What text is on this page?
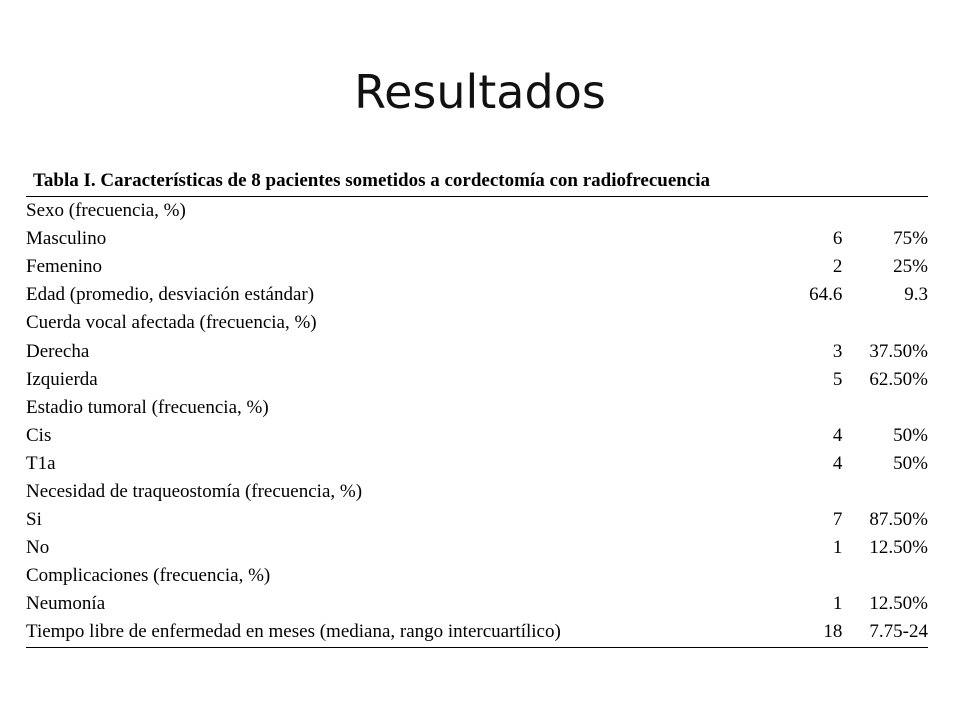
Resultados
Tabla I. Características de 8 pacientes sometidos a cordectomía con radiofrecuencia
Sexo (frecuencia, %)		
Masculino	6	75%
Femenino	2	25%
Edad (promedio, desviación estándar)	64.6	9.3
Cuerda vocal afectada (frecuencia, %)		
Derecha	3	37.50%
Izquierda	5	62.50%
Estadio tumoral (frecuencia, %)		
Cis	4	50%
T1a	4	50%
Necesidad de traqueostomía (frecuencia, %)		
Si	7	87.50%
No	1	12.50%
Complicaciones (frecuencia, %)		
Neumonía	1	12.50%
Tiempo libre de enfermedad en meses (mediana, rango intercuartílico)	18	7.75-24
